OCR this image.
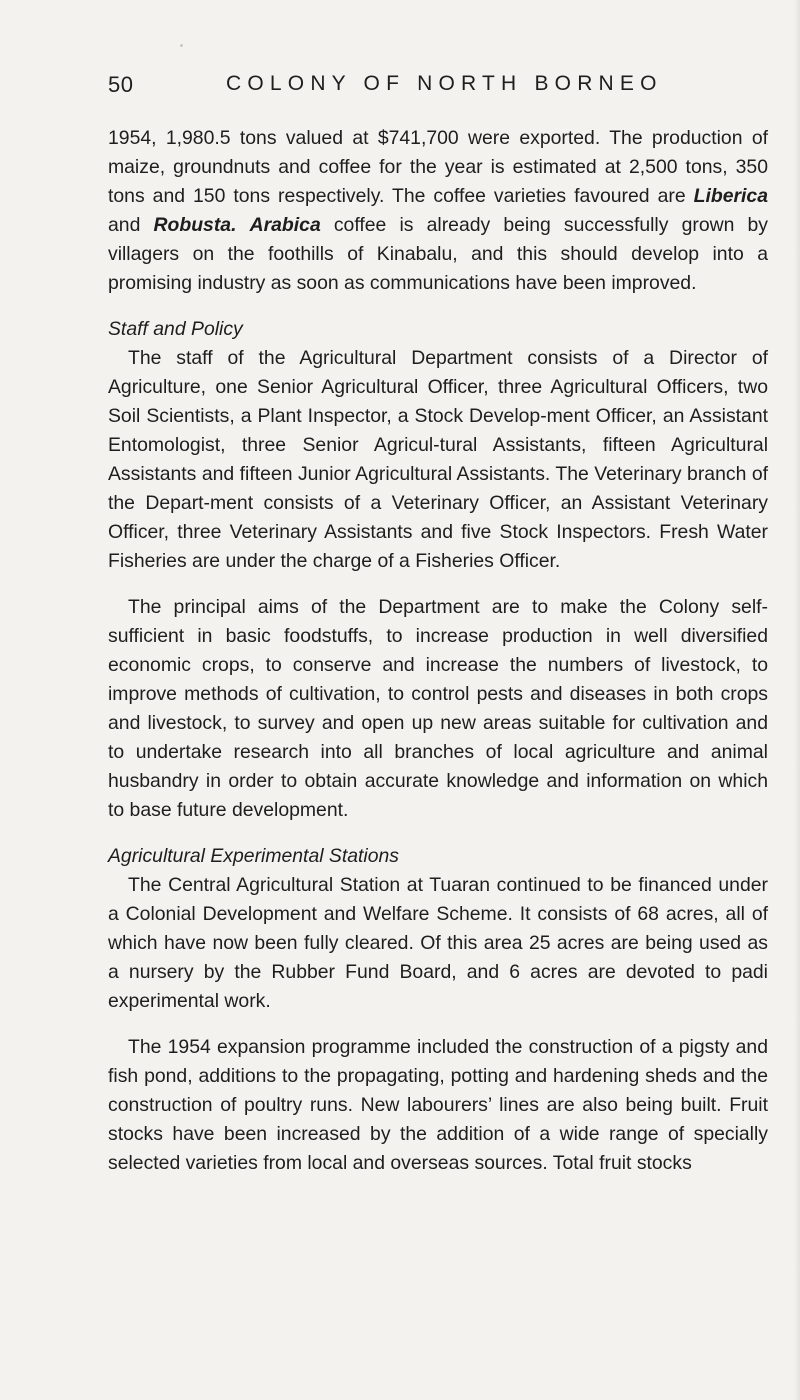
50	COLONY OF NORTH BORNEO

1954, 1,980.5 tons valued at $741,700 were exported. The production of maize, groundnuts and coffee for the year is estimated at 2,500 tons, 350 tons and 150 tons respectively. The coffee varieties favoured are Liberica and Robusta. Arabica coffee is already being successfully grown by villagers on the foothills of Kinabalu, and this should develop into a promising industry as soon as communications have been improved.

Staff and Policy

The staff of the Agricultural Department consists of a Director of Agriculture, one Senior Agricultural Officer, three Agricultural Officers, two Soil Scientists, a Plant Inspector, a Stock Develop-ment Officer, an Assistant Entomologist, three Senior Agricul-tural Assistants, fifteen Agricultural Assistants and fifteen Junior Agricultural Assistants. The Veterinary branch of the Depart-ment consists of a Veterinary Officer, an Assistant Veterinary Officer, three Veterinary Assistants and five Stock Inspectors. Fresh Water Fisheries are under the charge of a Fisheries Officer.

The principal aims of the Department are to make the Colony self-sufficient in basic foodstuffs, to increase production in well diversified economic crops, to conserve and increase the numbers of livestock, to improve methods of cultivation, to control pests and diseases in both crops and livestock, to survey and open up new areas suitable for cultivation and to undertake research into all branches of local agriculture and animal husbandry in order to obtain accurate knowledge and information on which to base future development.

Agricultural Experimental Stations

The Central Agricultural Station at Tuaran continued to be financed under a Colonial Development and Welfare Scheme. It consists of 68 acres, all of which have now been fully cleared. Of this area 25 acres are being used as a nursery by the Rubber Fund Board, and 6 acres are devoted to padi experimental work.

The 1954 expansion programme included the construction of a pigsty and fish pond, additions to the propagating, potting and hardening sheds and the construction of poultry runs. New labourers’ lines are also being built. Fruit stocks have been increased by the addition of a wide range of specially selected varieties from local and overseas sources. Total fruit stocks
